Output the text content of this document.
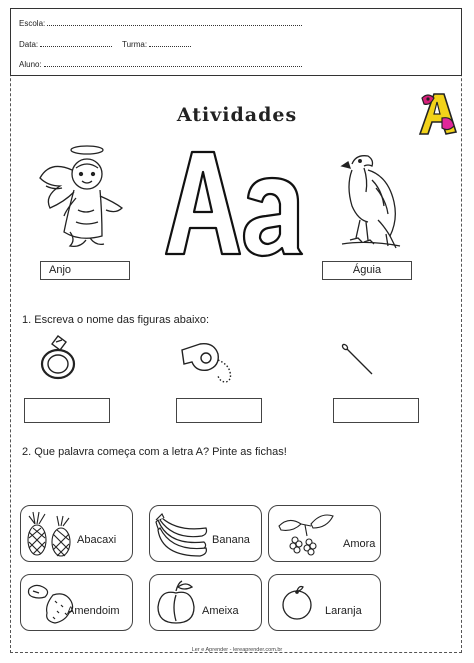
Escola:
Data:	Turma:
Aluno:
Atividades
Anjo	Águia
1. Escreva o nome das figuras abaixo:
2. Que palavra começa com a letra A? Pinte as fichas!
Abacaxi	Banana	Amora
Amendoim	Ameixa	Laranja
Ler e Aprender - lereaprender.com.br
